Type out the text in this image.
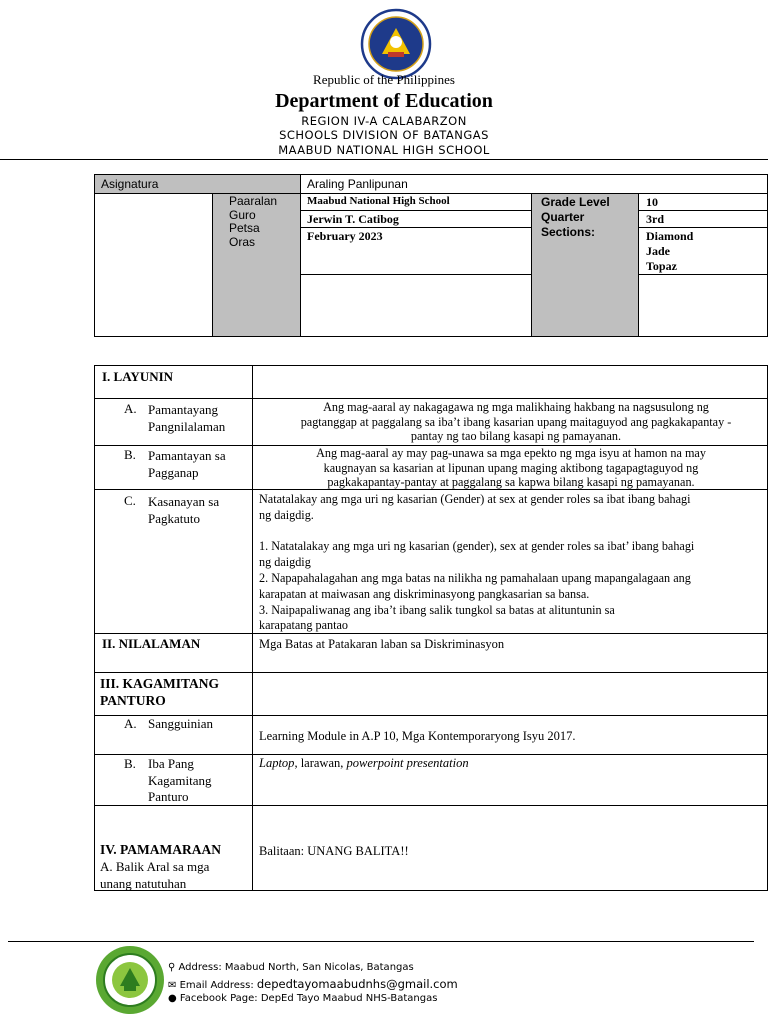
Republic of the Philippines
Department of Education
REGION IV-A CALABARZON
SCHOOLS DIVISION OF BATANGAS
MAABUD NATIONAL HIGH SCHOOL
Asignatura	Araling Panlipunan
Paaralan
Guro
Petsa
Oras
Maabud National High School
Jerwin T. Catibog
February 2023
Grade Level
Quarter
Sections:
10
3rd
Diamond
Jade
Topaz
I. LAYUNIN
A. Pamantayang
Pangnilalaman
Ang mag-aaral ay nakagagawa ng mga malikhaing hakbang na nagsusulong ng
pagtanggap at paggalang sa iba’t ibang kasarian upang maitaguyod ang pagkakapantay -
pantay ng tao bilang kasapi ng pamayanan.
B. Pamantayan sa
Pagganap
Ang mag-aaral ay may pag-unawa sa mga epekto ng mga isyu at hamon na may
kaugnayan sa kasarian at lipunan upang maging aktibong tagapagtaguyod ng
pagkakapantay-pantay at paggalang sa kapwa bilang kasapi ng pamayanan.
C. Kasanayan sa
Pagkatuto
Natatalakay ang mga uri ng kasarian (Gender) at sex at gender roles sa ibat ibang bahagi
ng daigdig.
1. Natatalakay ang mga uri ng kasarian (gender), sex at gender roles sa ibat’ ibang bahagi
ng daigdig
2. Napapahalagahan ang mga batas na nilikha ng pamahalaan upang mapangalagaan ang
karapatan at maiwasan ang diskriminasyong pangkasarian sa bansa.
3. Naipapaliwanag ang iba’t ibang salik tungkol sa batas at alituntunin sa
karapatang pantao
II. NILALAMAN	Mga Batas at Patakaran laban sa Diskriminasyon
III. KAGAMITANG
PANTURO
A. Sangguinian
Learning Module in A.P 10, Mga Kontemporaryong Isyu 2017.
B. Iba Pang
Kagamitang
Panturo
Laptop, larawan, powerpoint presentation
IV. PAMAMARAAN
A. Balik Aral sa mga
unang natutuhan
Balitaan: UNANG BALITA!!
⚲ Address: Maabud North, San Nicolas, Batangas
✉ Email Address: depedtayomaabudnhs@gmail.com
● Facebook Page: DepEd Tayo Maabud NHS-Batangas
